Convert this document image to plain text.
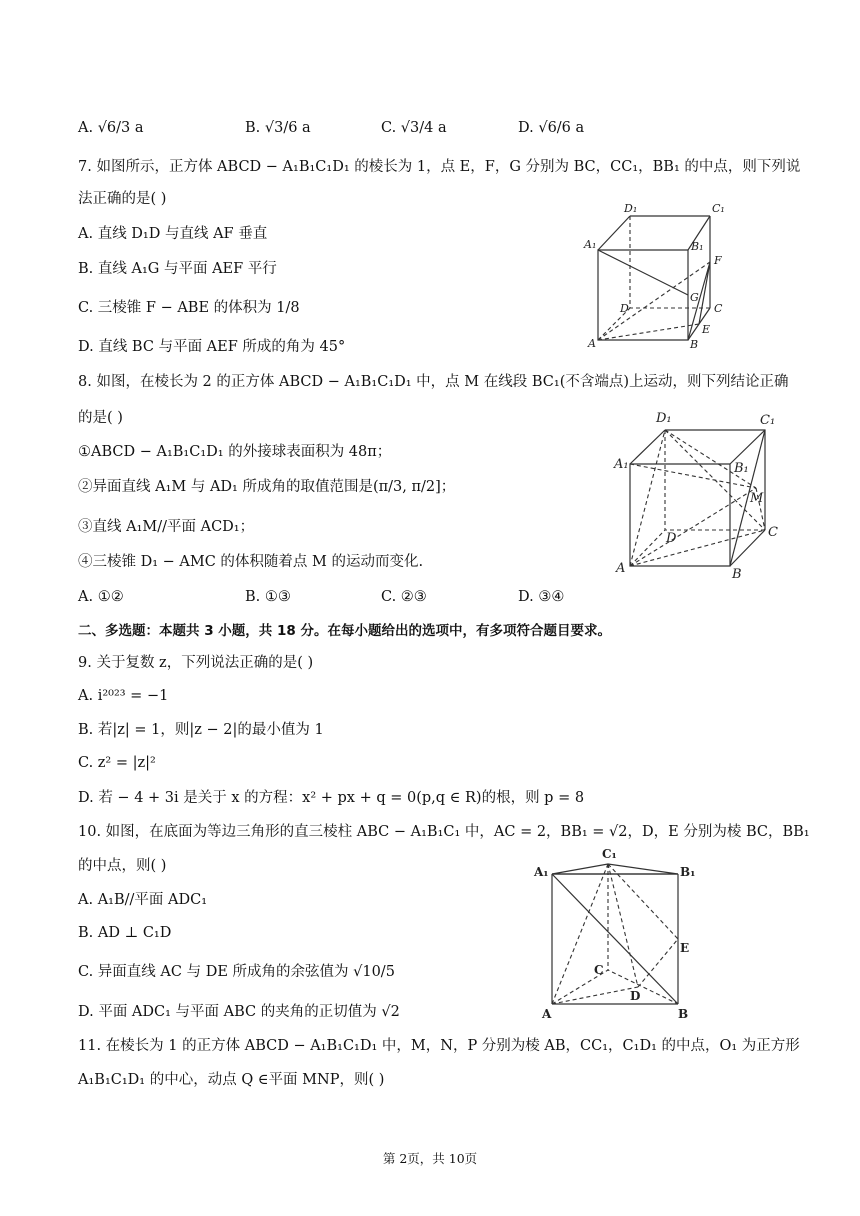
A. √6/3 a	B. √3/6 a	C. √3/4 a	D. √6/6 a
7. 如图所示，正方体 ABCD − A₁B₁C₁D₁ 的棱长为 1，点 E，F，G 分别为 BC，CC₁，BB₁ 的中点，则下列说
法正确的是( )
A. 直线 D₁D 与直线 AF 垂直
B. 直线 A₁G 与平面 AEF 平行
C. 三棱锥 F − ABE 的体积为 1/8
D. 直线 BC 与平面 AEF 所成的角为 45°
D₁	C₁
A₁	B₁
F
G
D	C
E
A	B
8. 如图，在棱长为 2 的正方体 ABCD − A₁B₁C₁D₁ 中，点 M 在线段 BC₁(不含端点)上运动，则下列结论正确
的是( )
①ABCD − A₁B₁C₁D₁ 的外接球表面积为 48π；
②异面直线 A₁M 与 AD₁ 所成角的取值范围是(π/3, π/2]；
③直线 A₁M//平面 ACD₁；
④三棱锥 D₁ − AMC 的体积随着点 M 的运动而变化.
A. ①②	B. ①③	C. ②③	D. ③④
D₁	C₁
A₁	B₁
M
D	C
A	B
二、多选题：本题共 3 小题，共 18 分。在每小题给出的选项中，有多项符合题目要求。
9. 关于复数 z，下列说法正确的是( )
A. i²⁰²³ = −1
B. 若|z| = 1，则|z − 2|的最小值为 1
C. z² = |z|²
D. 若 − 4 + 3i 是关于 x 的方程：x² + px + q = 0(p,q ∈ R)的根，则 p = 8
10. 如图，在底面为等边三角形的直三棱柱 ABC − A₁B₁C₁ 中，AC = 2，BB₁ = √2，D，E 分别为棱 BC，BB₁
的中点，则( )
A. A₁B//平面 ADC₁
B. AD ⊥ C₁D
C. 异面直线 AC 与 DE 所成角的余弦值为 √10/5
D. 平面 ADC₁ 与平面 ABC 的夹角的正切值为 √2
C₁
A₁	B₁
E
C
D
A	B
11. 在棱长为 1 的正方体 ABCD − A₁B₁C₁D₁ 中，M，N，P 分别为棱 AB，CC₁，C₁D₁ 的中点，O₁ 为正方形
A₁B₁C₁D₁ 的中心，动点 Q ∈平面 MNP，则( )
第 2页，共 10页
